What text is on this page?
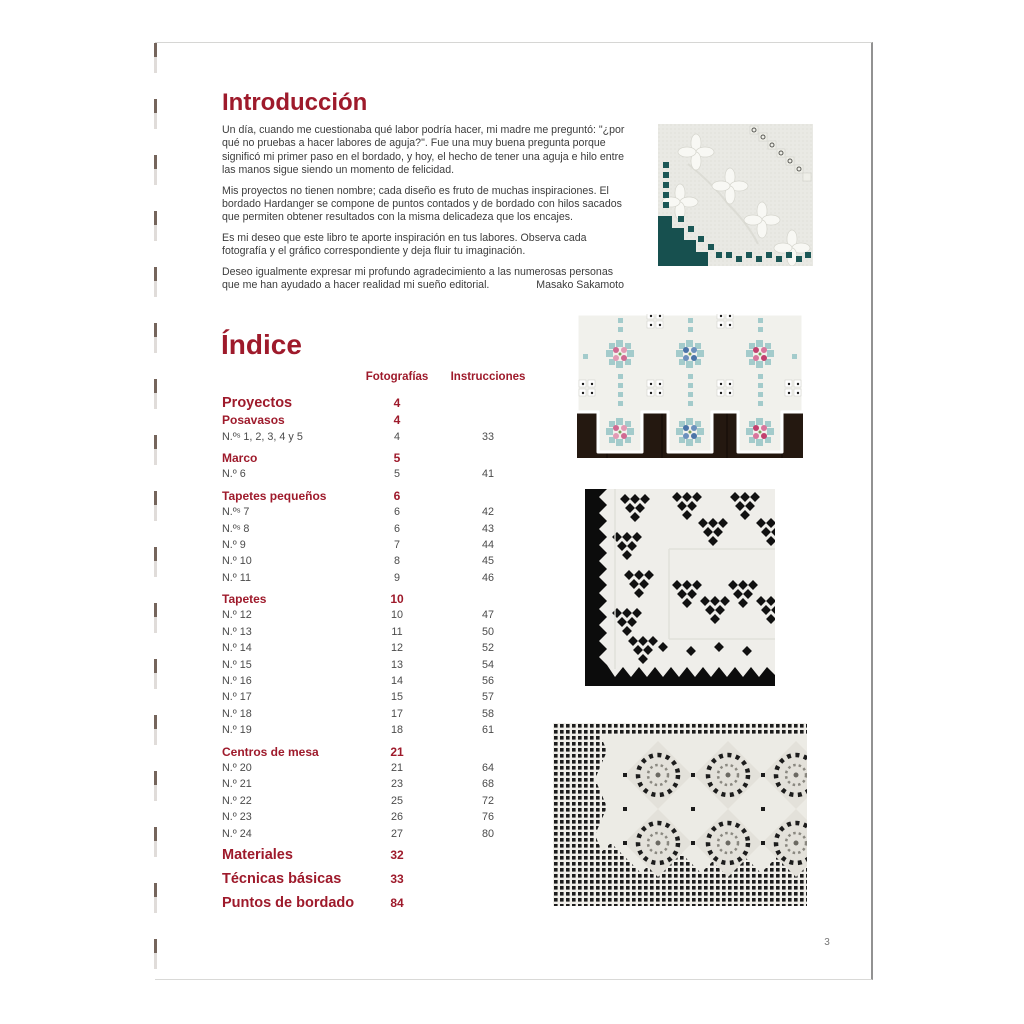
Introducción

Un día, cuando me cuestionaba qué labor podría hacer, mi madre me preguntó: "¿por qué no pruebas a hacer labores de aguja?". Fue una muy buena pregunta porque significó mi primer paso en el bordado, y hoy, el hecho de tener una aguja e hilo entre las manos sigue siendo un momento de felicidad.

Mis proyectos no tienen nombre; cada diseño es fruto de muchas inspiraciones. El bordado Hardanger se compone de puntos contados y de bordado con hilos sacados que permiten obtener resultados con la misma delicadeza que los encajes.

Es mi deseo que este libro te aporte inspiración en tus labores. Observa cada fotografía y el gráfico correspondiente y deja fluir tu imaginación.

Deseo igualmente expresar mi profundo agradecimiento a las numerosas personas que me han ayudado a hacer realidad mi sueño editorial.	Masako Sakamoto
Índice
Fotografías	Instrucciones
Proyectos	4
Posavasos	4
N.ºˢ 1, 2, 3, 4 y 5	4	33
Marco	5
N.º 6	5	41
Tapetes pequeños	6
N.ºˢ 7	6	42
N.ºˢ 8	6	43
N.º 9	7	44
N.º 10	8	45
N.º 11	9	46
Tapetes	10
N.º 12	10	47
N.º 13	11	50
N.º 14	12	52
N.º 15	13	54
N.º 16	14	56
N.º 17	15	57
N.º 18	17	58
N.º 19	18	61
Centros de mesa	21
N.º 20	21	64
N.º 21	23	68
N.º 22	25	72
N.º 23	26	76
N.º 24	27	80
Materiales	32
Técnicas básicas	33
Puntos de bordado	84
3
